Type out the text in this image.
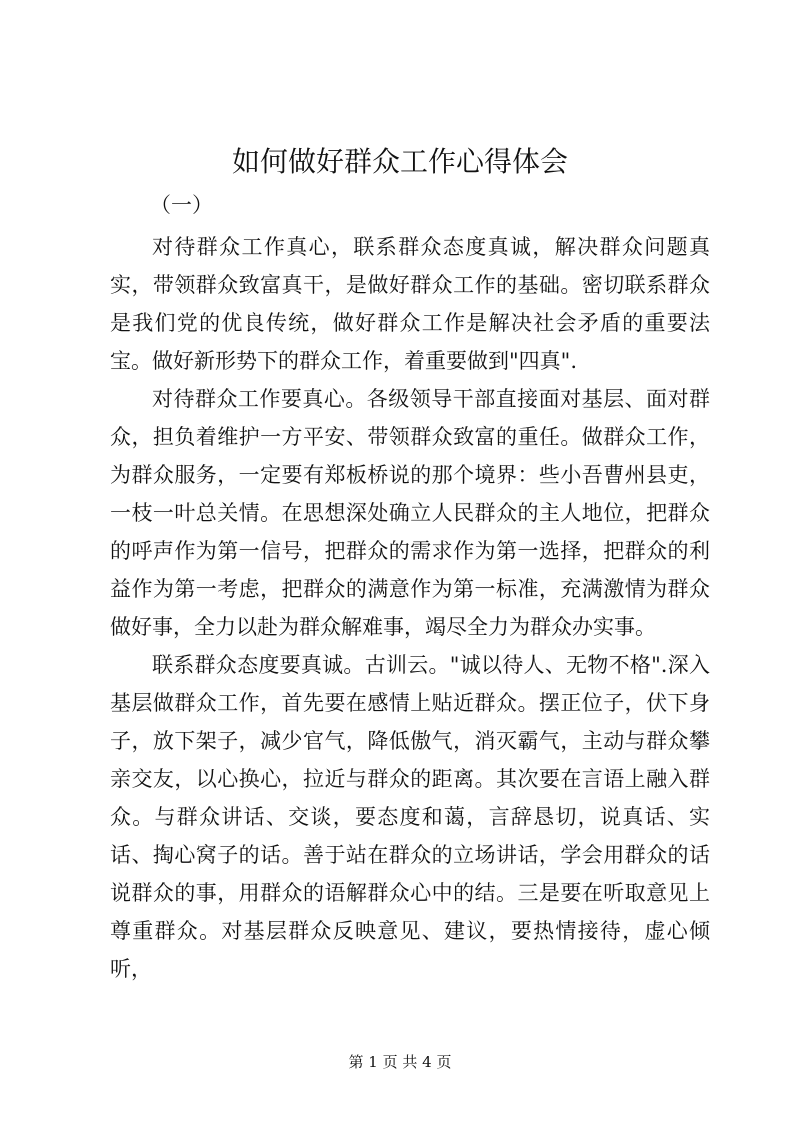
如何做好群众工作心得体会

（一）

对待群众工作真心，联系群众态度真诚，解决群众问题真实，带领群众致富真干，是做好群众工作的基础。密切联系群众是我们党的优良传统，做好群众工作是解决社会矛盾的重要法宝。做好新形势下的群众工作，着重要做到"四真".

对待群众工作要真心。各级领导干部直接面对基层、面对群众，担负着维护一方平安、带领群众致富的重任。做群众工作，为群众服务，一定要有郑板桥说的那个境界：些小吾曹州县吏，一枝一叶总关情。在思想深处确立人民群众的主人地位，把群众的呼声作为第一信号，把群众的需求作为第一选择，把群众的利益作为第一考虑，把群众的满意作为第一标准，充满激情为群众做好事，全力以赴为群众解难事，竭尽全力为群众办实事。

联系群众态度要真诚。古训云。"诚以待人、无物不格".深入基层做群众工作，首先要在感情上贴近群众。摆正位子，伏下身子，放下架子，减少官气，降低傲气，消灭霸气，主动与群众攀亲交友，以心换心，拉近与群众的距离。其次要在言语上融入群众。与群众讲话、交谈，要态度和蔼，言辞恳切，说真话、实话、掏心窝子的话。善于站在群众的立场讲话，学会用群众的话说群众的事，用群众的语解群众心中的结。三是要在听取意见上尊重群众。对基层群众反映意见、建议，要热情接待，虚心倾听，

第 1 页 共 4 页
